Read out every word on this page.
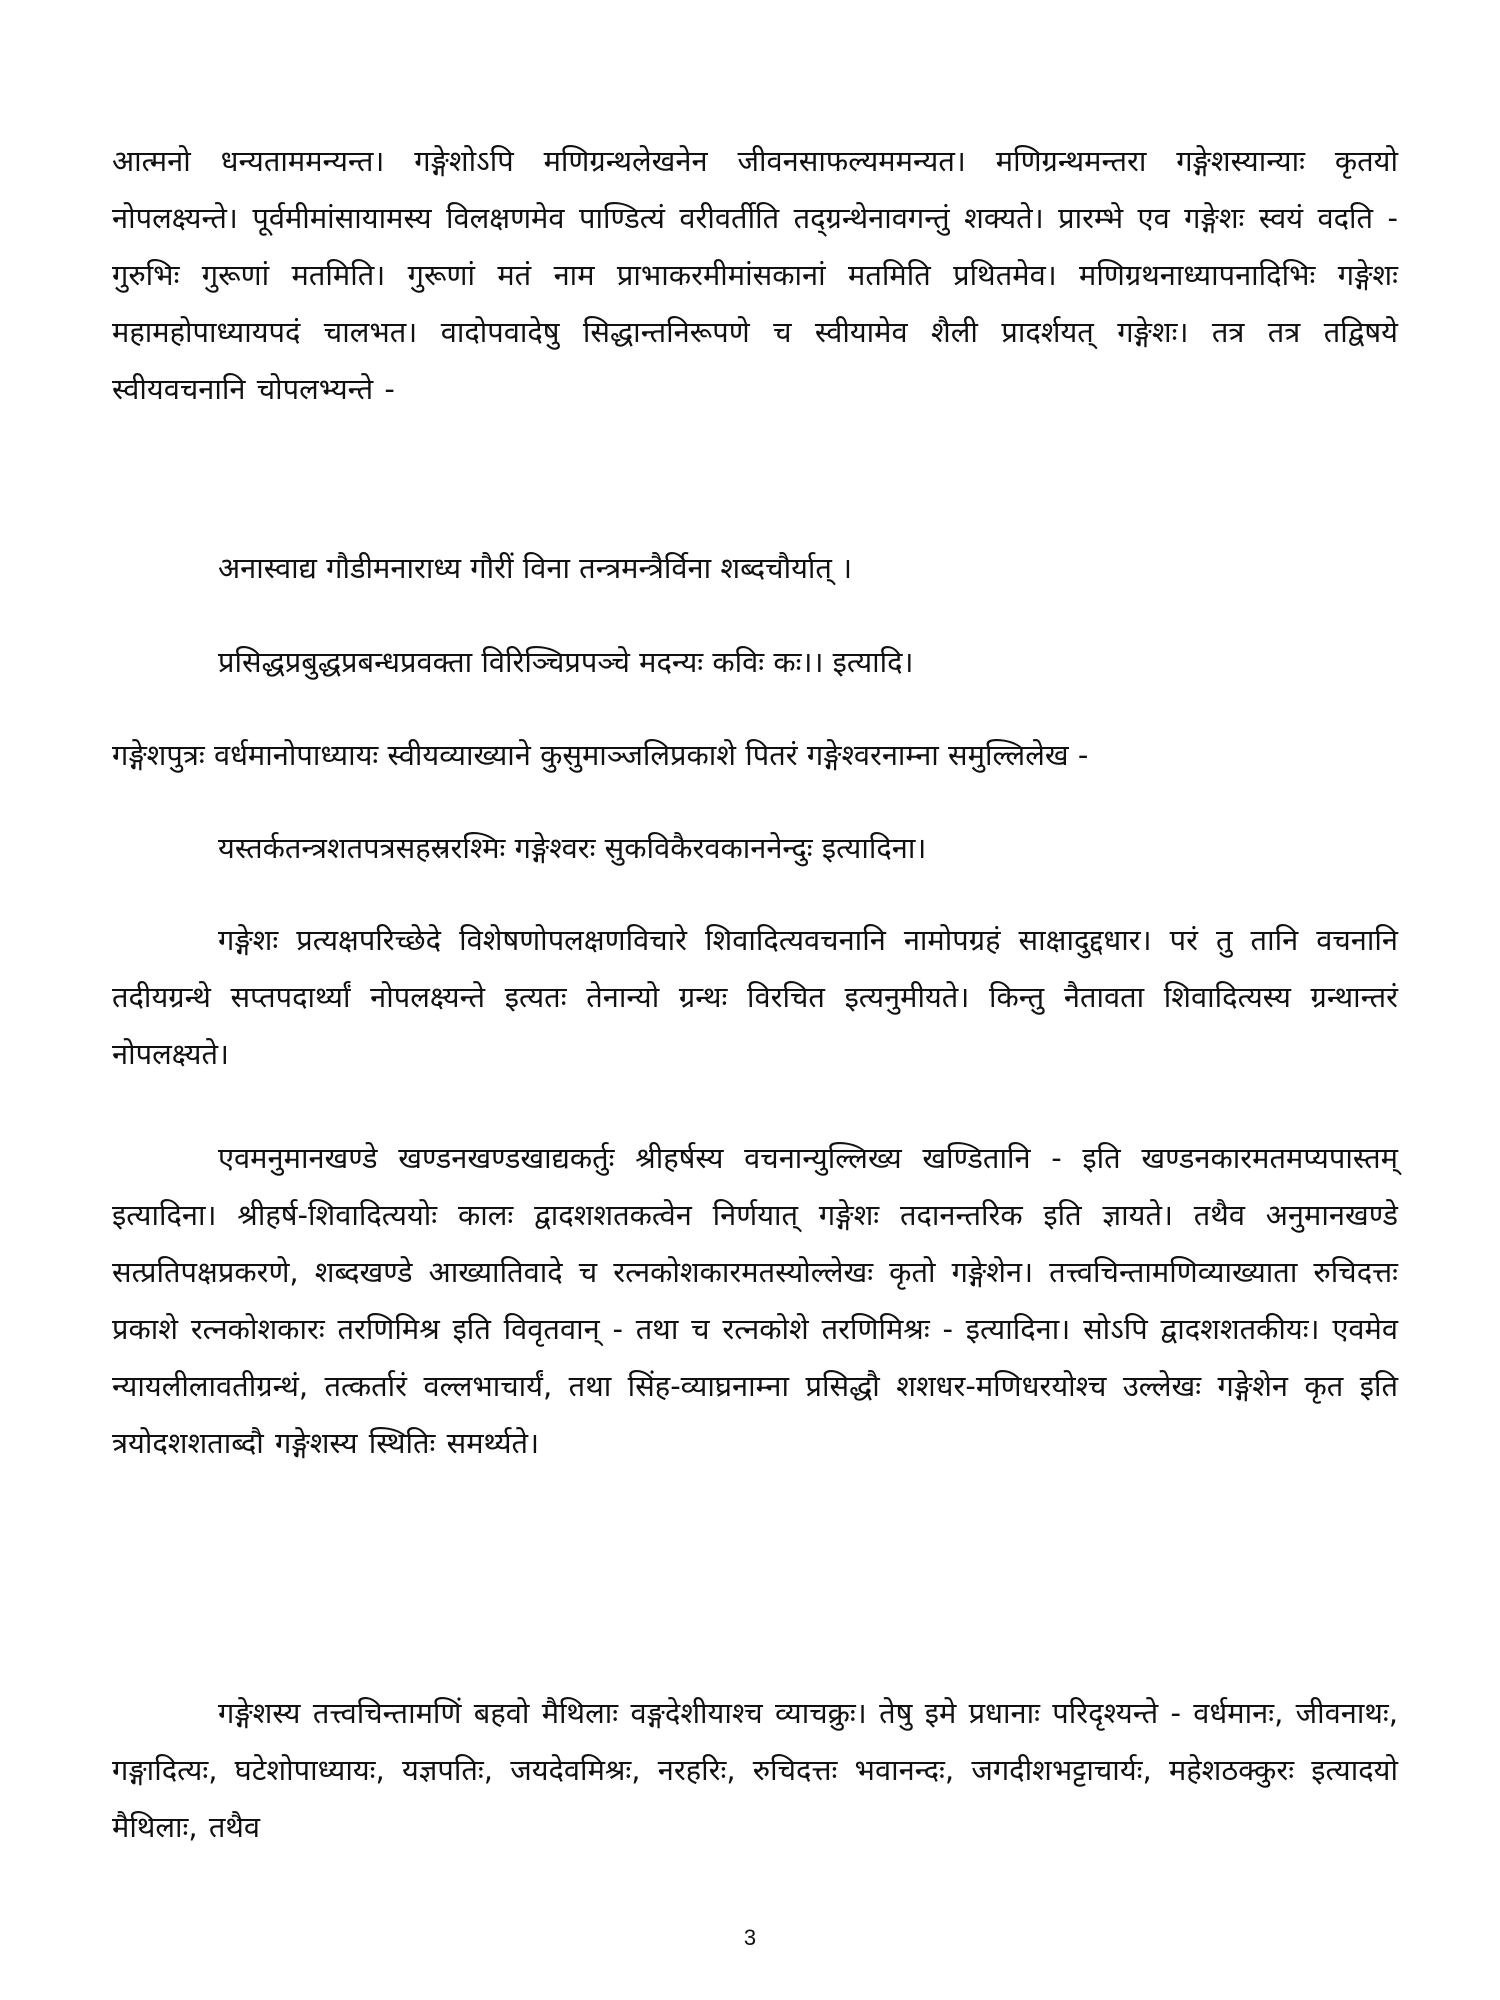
आत्मनो धन्यताममन्यन्त। गङ्गेशोऽपि मणिग्रन्थलेखनेन जीवनसाफल्यममन्यत। मणिग्रन्थमन्तरा गङ्गेशस्यान्याः कृतयो नोपलक्ष्यन्ते। पूर्वमीमांसायामस्य विलक्षणमेव पाण्डित्यं वरीवर्तीति तद्ग्रन्थेनावगन्तुं शक्यते। प्रारम्भे एव गङ्गेशः स्वयं वदति - गुरुभिः गुरूणां मतमिति। गुरूणां मतं नाम प्राभाकरमीमांसकानां मतमिति प्रथितमेव। मणिग्रथनाध्यापनादिभिः गङ्गेशः महामहोपाध्यायपदं चालभत। वादोपवादेषु सिद्धान्तनिरूपणे च स्वीयामेव शैली प्रादर्शयत् गङ्गेशः। तत्र तत्र तद्विषये स्वीयवचनानि चोपलभ्यन्ते -
अनास्वाद्य गौडीमनाराध्य गौरीं विना तन्त्रमन्त्रैर्विना शब्दचौर्यात् ।
प्रसिद्धप्रबुद्धप्रबन्धप्रवक्ता विरिञ्चिप्रपञ्चे मदन्यः कविः कः।। इत्यादि।
गङ्गेशपुत्रः वर्धमानोपाध्यायः स्वीयव्याख्याने कुसुमाञ्जलिप्रकाशे पितरं गङ्गेश्वरनाम्ना समुल्लिलेख -
यस्तर्कतन्त्रशतपत्रसहस्ररश्मिः गङ्गेश्वरः सुकविकैरवकाननेन्दुः इत्यादिना।
गङ्गेशः प्रत्यक्षपरिच्छेदे विशेषणोपलक्षणविचारे शिवादित्यवचनानि नामोपग्रहं साक्षादुद्दधार। परं तु तानि वचनानि तदीयग्रन्थे सप्तपदार्थ्यां नोपलक्ष्यन्ते इत्यतः तेनान्यो ग्रन्थः विरचित इत्यनुमीयते। किन्तु नैतावता शिवादित्यस्य ग्रन्थान्तरं नोपलक्ष्यते।
एवमनुमानखण्डे खण्डनखण्डखाद्यकर्तुः श्रीहर्षस्य वचनान्युल्लिख्य खण्डितानि - इति खण्डनकारमतमप्यपास्तम् इत्यादिना। श्रीहर्ष-शिवादित्ययोः कालः द्वादशशतकत्वेन निर्णयात् गङ्गेशः तदानन्तरिक इति ज्ञायते। तथैव अनुमानखण्डे सत्प्रतिपक्षप्रकरणे, शब्दखण्डे आख्यातिवादे च रत्नकोशकारमतस्योल्लेखः कृतो गङ्गेशेन। तत्त्वचिन्तामणिव्याख्याता रुचिदत्तः प्रकाशे रत्नकोशकारः तरणिमिश्र इति विवृतवान् - तथा च रत्नकोशे तरणिमिश्रः - इत्यादिना। सोऽपि द्वादशशतकीयः। एवमेव न्यायलीलावतीग्रन्थं, तत्कर्तारं वल्लभाचार्यं, तथा सिंह-व्याघ्रनाम्ना प्रसिद्धौ शशधर-मणिधरयोश्च उल्लेखः गङ्गेशेन कृत इति त्रयोदशशताब्दौ गङ्गेशस्य स्थितिः समर्थ्यते।
गङ्गेशस्य तत्त्वचिन्तामणिं बहवो मैथिलाः वङ्गदेशीयाश्च व्याचक्रुः। तेषु इमे प्रधानाः परिदृश्यन्ते - वर्धमानः, जीवनाथः, गङ्गादित्यः, घटेशोपाध्यायः, यज्ञपतिः, जयदेवमिश्रः, नरहरिः, रुचिदत्तः भवानन्दः, जगदीशभट्टाचार्यः, महेशठक्कुरः इत्यादयो मैथिलाः, तथैव
3
